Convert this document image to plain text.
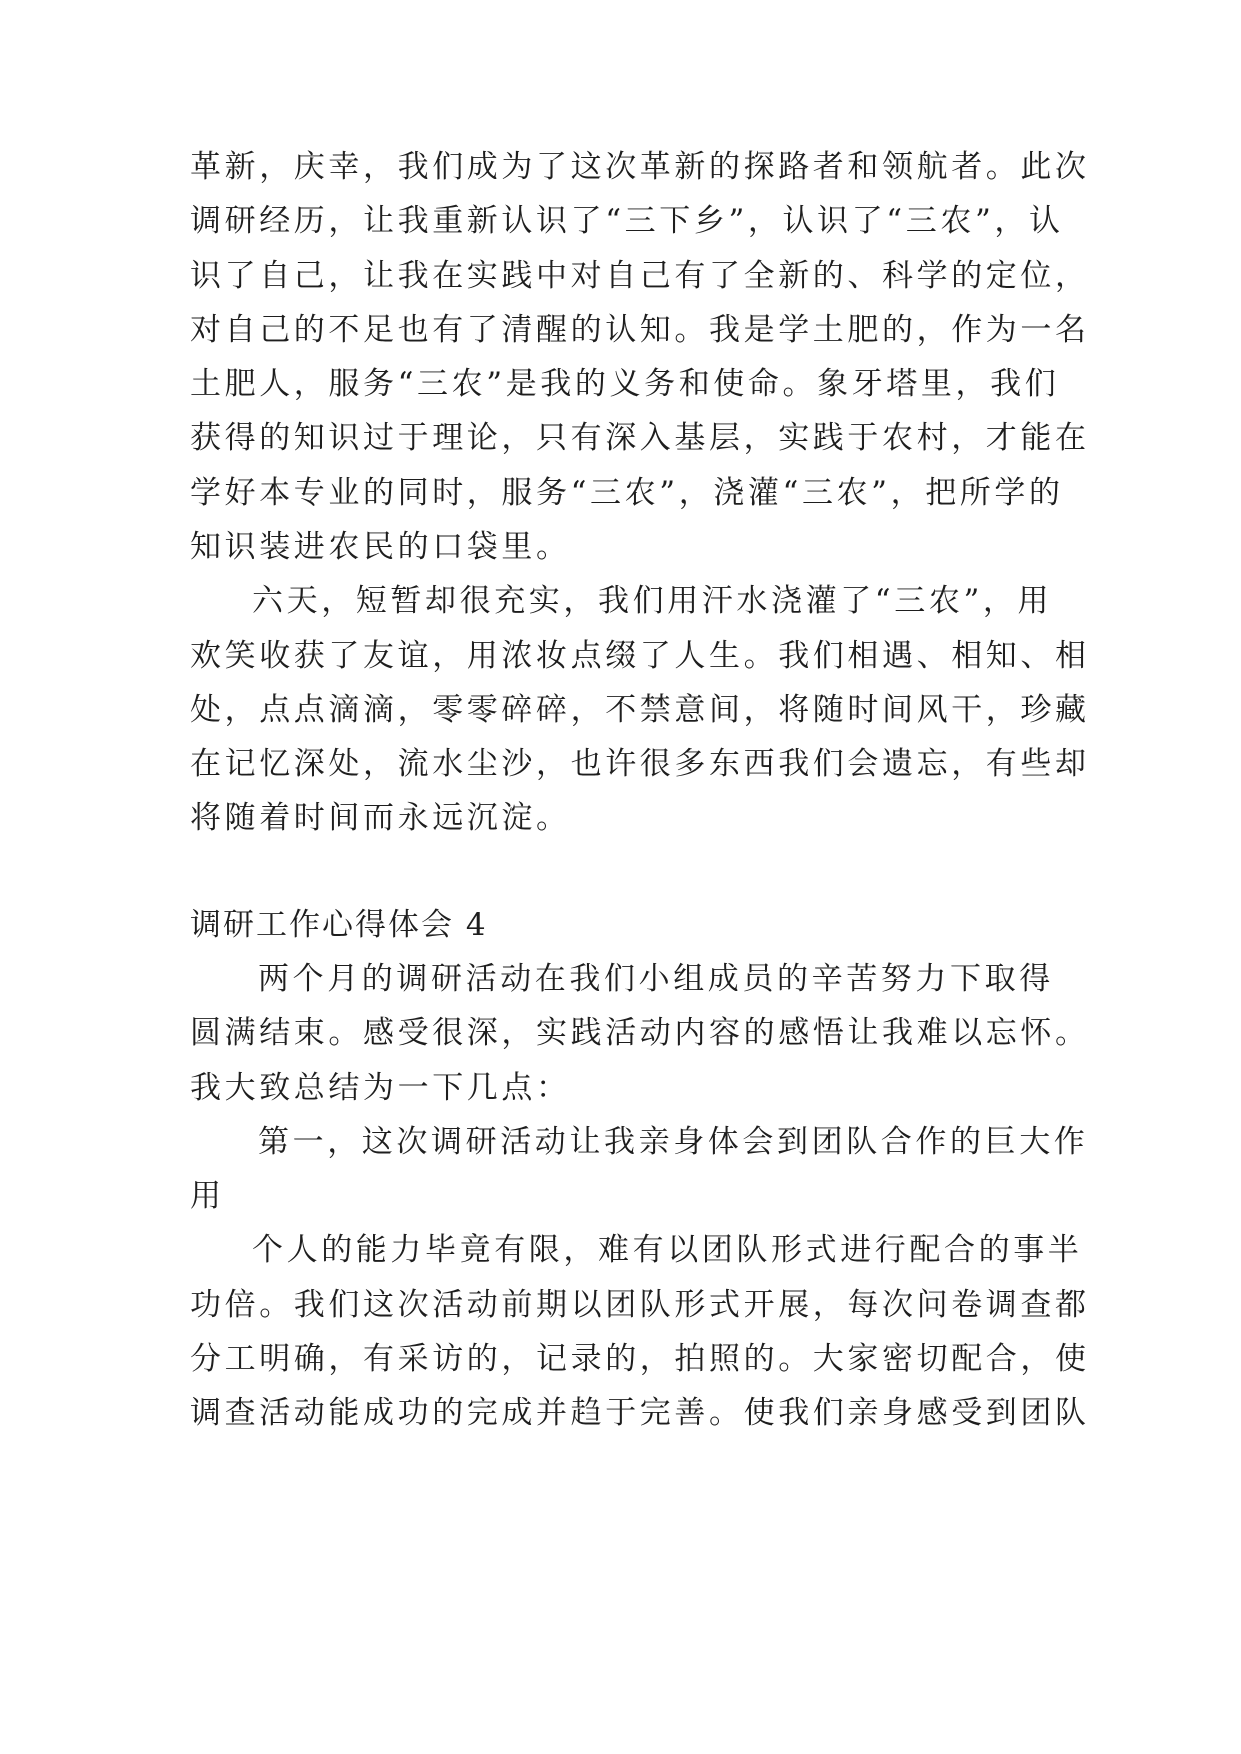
革新，庆幸，我们成为了这次革新的探路者和领航者。此次
调研经历，让我重新认识了“三下乡”，认识了“三农”，认
识了自己，让我在实践中对自己有了全新的、科学的定位，
对自己的不足也有了清醒的认知。我是学土肥的，作为一名
土肥人，服务“三农”是我的义务和使命。象牙塔里，我们
获得的知识过于理论，只有深入基层，实践于农村，才能在
学好本专业的同时，服务“三农”，浇灌“三农”，把所学的
知识装进农民的口袋里。
六天，短暂却很充实，我们用汗水浇灌了“三农”，用
欢笑收获了友谊，用浓妆点缀了人生。我们相遇、相知、相
处，点点滴滴，零零碎碎，不禁意间，将随时间风干，珍藏
在记忆深处，流水尘沙，也许很多东西我们会遗忘，有些却
将随着时间而永远沉淀。
调研工作心得体会 4
两个月的调研活动在我们小组成员的辛苦努力下取得
圆满结束。感受很深，实践活动内容的感悟让我难以忘怀。
我大致总结为一下几点：
第一，这次调研活动让我亲身体会到团队合作的巨大作
用
个人的能力毕竟有限，难有以团队形式进行配合的事半
功倍。我们这次活动前期以团队形式开展，每次问卷调查都
分工明确，有采访的，记录的，拍照的。大家密切配合，使
调查活动能成功的完成并趋于完善。使我们亲身感受到团队
